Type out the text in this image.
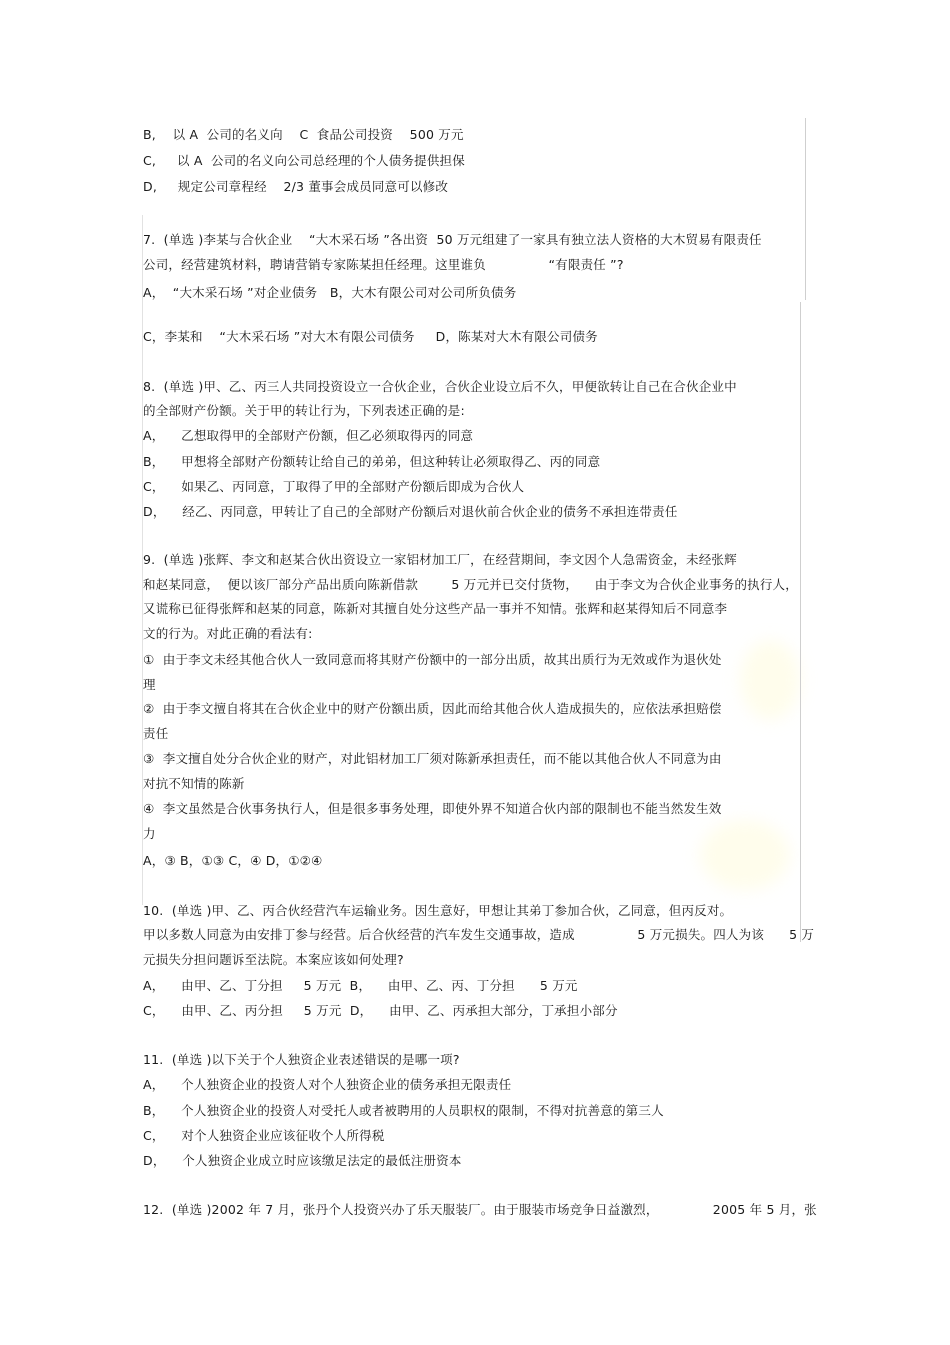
B,    以 A  公司的名义向    C  食品公司投资    500 万元
C,     以 A  公司的名义向公司总经理的个人债务提供担保
D,     规定公司章程经    2/3 董事会成员同意可以修改
7.  (单选 )李某与合伙企业    “大木采石场 ”各出资  50 万元组建了一家具有独立法人资格的大木贸易有限责任
公司，经营建筑材料，聘请营销专家陈某担任经理。这里谁负               “有限责任 ”?
A，  “大木采石场 ”对企业债务   B，大木有限公司对公司所负债务
C，李某和    “大木采石场 ”对大木有限公司债务     D，陈某对大木有限公司债务
8.  (单选 )甲、乙、丙三人共同投资设立一合伙企业，合伙企业设立后不久，甲便欲转让自己在合伙企业中
的全部财产份额。关于甲的转让行为，下列表述正确的是:
A，    乙想取得甲的全部财产份额，但乙必须取得丙的同意
B，    甲想将全部财产份额转让给自己的弟弟，但这种转让必须取得乙、丙的同意
C，    如果乙、丙同意，丁取得了甲的全部财产份额后即成为合伙人
D，    经乙、丙同意，甲转让了自己的全部财产份额后对退伙前合伙企业的债务不承担连带责任
9.  (单选 )张辉、李文和赵某合伙出资设立一家铝材加工厂，在经营期间，李文因个人急需资金，未经张辉
和赵某同意，  便以该厂部分产品出质向陈新借款        5 万元并已交付货物，    由于李文为合伙企业事务的执行人，
又谎称已征得张辉和赵某的同意，陈新对其擅自处分这些产品一事并不知情。张辉和赵某得知后不同意李
文的行为。对此正确的看法有:
①  由于李文未经其他合伙人一致同意而将其财产份额中的一部分出质，故其出质行为无效或作为退伙处
理
②  由于李文擅自将其在合伙企业中的财产份额出质，因此而给其他合伙人造成损失的，应依法承担赔偿
责任
③  李文擅自处分合伙企业的财产，对此铝材加工厂须对陈新承担责任，而不能以其他合伙人不同意为由
对抗不知情的陈新
④  李文虽然是合伙事务执行人，但是很多事务处理，即使外界不知道合伙内部的限制也不能当然发生效
力
A，③ B，①③ C，④ D，①②④
10.  (单选 )甲、乙、丙合伙经营汽车运输业务。因生意好，甲想让其弟丁参加合伙，乙同意，但丙反对。
甲以多数人同意为由安排丁参与经营。后合伙经营的汽车发生交通事故，造成               5 万元损失。四人为该      5 万
元损失分担问题诉至法院。本案应该如何处理?
A，    由甲、乙、丁分担     5 万元  B，    由甲、乙、丙、丁分担      5 万元
C，    由甲、乙、丙分担     5 万元  D，    由甲、乙、丙承担大部分，丁承担小部分
11.  (单选 )以下关于个人独资企业表述错误的是哪一项?
A，    个人独资企业的投资人对个人独资企业的债务承担无限责任
B，    个人独资企业的投资人对受托人或者被聘用的人员职权的限制，不得对抗善意的第三人
C，    对个人独资企业应该征收个人所得税
D，    个人独资企业成立时应该缴足法定的最低注册资本
12.  (单选 )2002 年 7 月，张丹个人投资兴办了乐天服装厂。由于服装市场竞争日益激烈，             2005 年 5 月，张
